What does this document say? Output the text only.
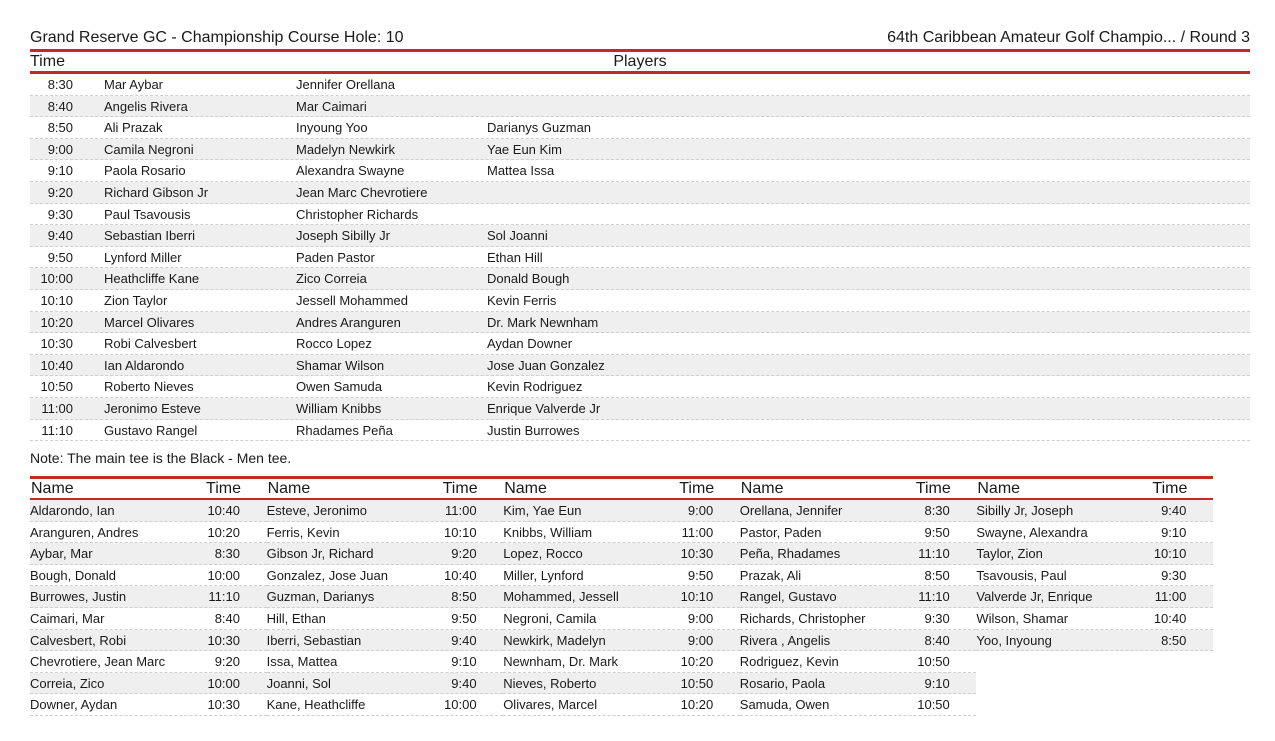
Grand Reserve GC - Championship Course Hole: 10	64th Caribbean Amateur Golf Champio... / Round 3
Time	Players
8:30 Mar Aybar	Jennifer Orellana
8:40 Angelis Rivera	Mar Caimari
8:50 Ali Prazak	Inyoung Yoo	Darianys Guzman
9:00 Camila Negroni	Madelyn Newkirk	Yae Eun Kim
9:10 Paola Rosario	Alexandra Swayne	Mattea Issa
9:20 Richard Gibson Jr	Jean Marc Chevrotiere
9:30 Paul Tsavousis	Christopher Richards
9:40 Sebastian Iberri	Joseph Sibilly Jr	Sol Joanni
9:50 Lynford Miller	Paden Pastor	Ethan Hill
10:00 Heathcliffe Kane	Zico Correia	Donald Bough
10:10 Zion Taylor	Jessell Mohammed	Kevin Ferris
10:20 Marcel Olivares	Andres Aranguren	Dr. Mark Newnham
10:30 Robi Calvesbert	Rocco Lopez	Aydan Downer
10:40 Ian Aldarondo	Shamar Wilson	Jose Juan Gonzalez
10:50 Roberto Nieves	Owen Samuda	Kevin Rodriguez
11:00 Jeronimo Esteve	William Knibbs	Enrique Valverde Jr
11:10 Gustavo Rangel	Rhadames Peña	Justin Burrowes
Note: The main tee is the Black - Men tee.
Name	Time
Aldarondo, Ian	10:40
Aranguren, Andres	10:20
Aybar, Mar	8:30
Bough, Donald	10:00
Burrowes, Justin	11:10
Caimari, Mar	8:40
Calvesbert, Robi	10:30
Chevrotiere, Jean Marc	9:20
Correia, Zico	10:00
Downer, Aydan	10:30
Name	Time
Esteve, Jeronimo	11:00
Ferris, Kevin	10:10
Gibson Jr, Richard	9:20
Gonzalez, Jose Juan	10:40
Guzman, Darianys	8:50
Hill, Ethan	9:50
Iberri, Sebastian	9:40
Issa, Mattea	9:10
Joanni, Sol	9:40
Kane, Heathcliffe	10:00
Name	Time
Kim, Yae Eun	9:00
Knibbs, William	11:00
Lopez, Rocco	10:30
Miller, Lynford	9:50
Mohammed, Jessell	10:10
Negroni, Camila	9:00
Newkirk, Madelyn	9:00
Newnham, Dr. Mark	10:20
Nieves, Roberto	10:50
Olivares, Marcel	10:20
Name	Time
Orellana, Jennifer	8:30
Pastor, Paden	9:50
Peña, Rhadames	11:10
Prazak, Ali	8:50
Rangel, Gustavo	11:10
Richards, Christopher	9:30
Rivera , Angelis	8:40
Rodriguez, Kevin	10:50
Rosario, Paola	9:10
Samuda, Owen	10:50
Name	Time
Sibilly Jr, Joseph	9:40
Swayne, Alexandra	9:10
Taylor, Zion	10:10
Tsavousis, Paul	9:30
Valverde Jr, Enrique	11:00
Wilson, Shamar	10:40
Yoo, Inyoung	8:50
